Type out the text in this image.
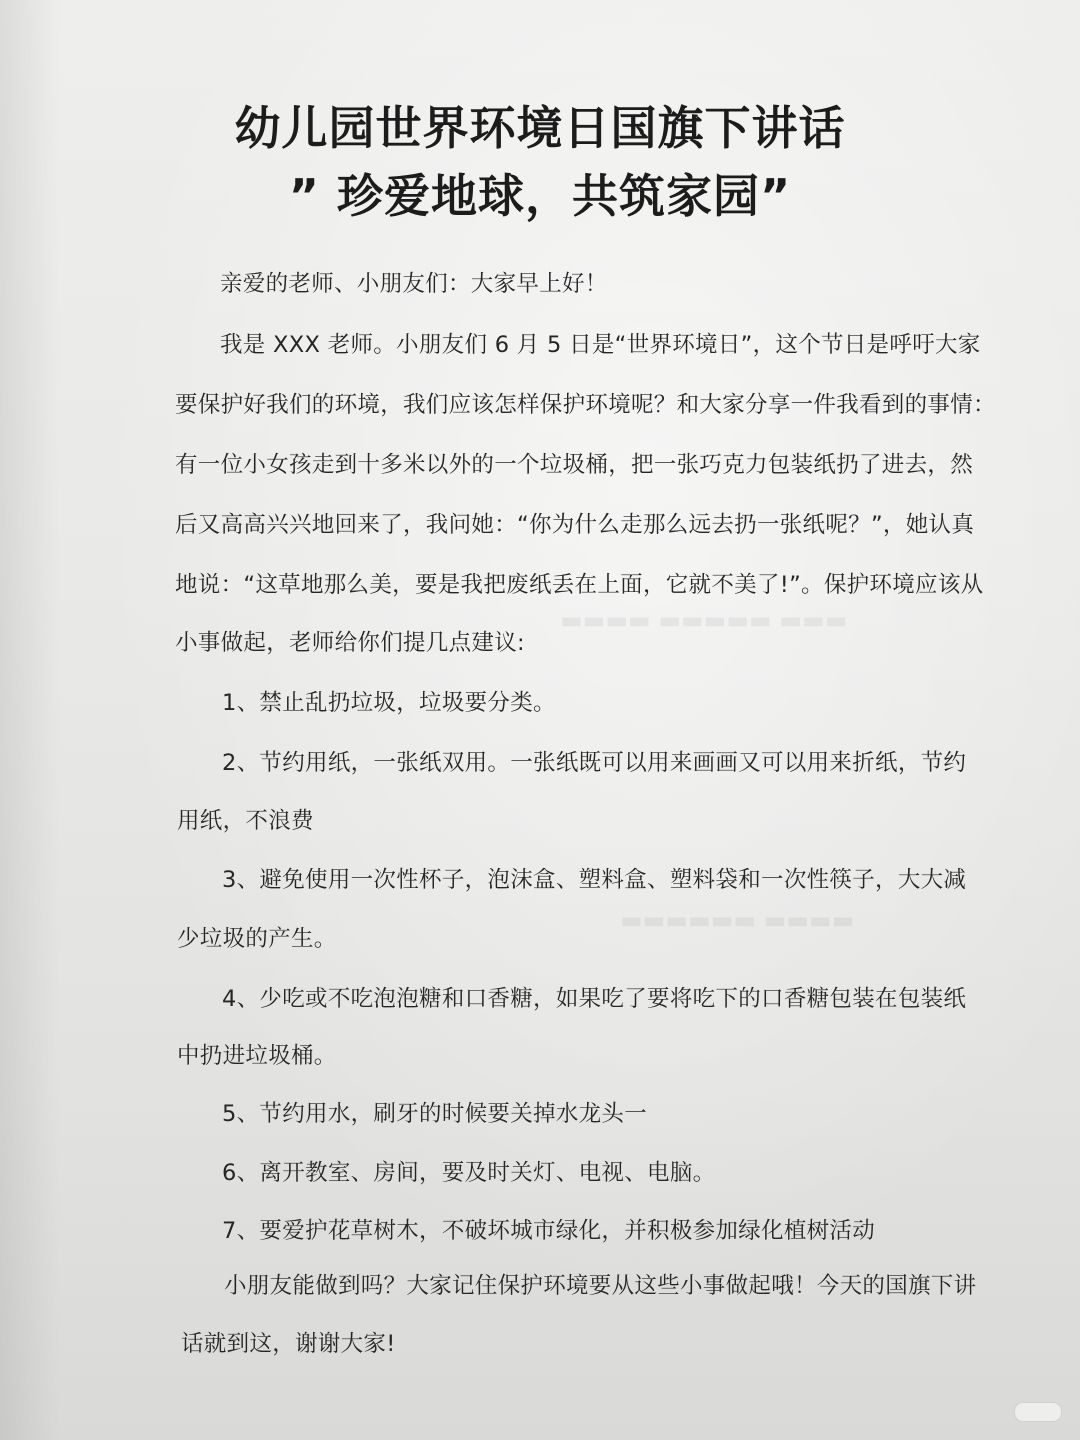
▬▬▬▬ ▬▬▬▬▬ ▬▬▬
▬▬▬▬▬▬ ▬▬▬▬
幼儿园世界环境日国旗下讲话
” 珍爱地球，共筑家园”
亲爱的老师、小朋友们：大家早上好！
我是 XXX 老师。小朋友们 6 月 5 日是“世界环境日”，这个节日是呼吁大家
要保护好我们的环境，我们应该怎样保护环境呢？和大家分享一件我看到的事情：
有一位小女孩走到十多米以外的一个垃圾桶，把一张巧克力包装纸扔了进去，然
后又高高兴兴地回来了，我问她：“你为什么走那么远去扔一张纸呢？”，她认真
地说：“这草地那么美，要是我把废纸丢在上面，它就不美了!”。保护环境应该从
小事做起，老师给你们提几点建议:
1、禁止乱扔垃圾，垃圾要分类。
2、节约用纸，一张纸双用。一张纸既可以用来画画又可以用来折纸，节约
用纸，不浪费
3、避免使用一次性杯子，泡沫盒、塑料盒、塑料袋和一次性筷子，大大减
少垃圾的产生。
4、少吃或不吃泡泡糖和口香糖，如果吃了要将吃下的口香糖包装在包装纸
中扔进垃圾桶。
5、节约用水，刷牙的时候要关掉水龙头一
6、离开教室、房间，要及时关灯、电视、电脑。
7、要爱护花草树木，不破坏城市绿化，并积极参加绿化植树活动
小朋友能做到吗？大家记住保护环境要从这些小事做起哦！今天的国旗下讲
话就到这，谢谢大家!
